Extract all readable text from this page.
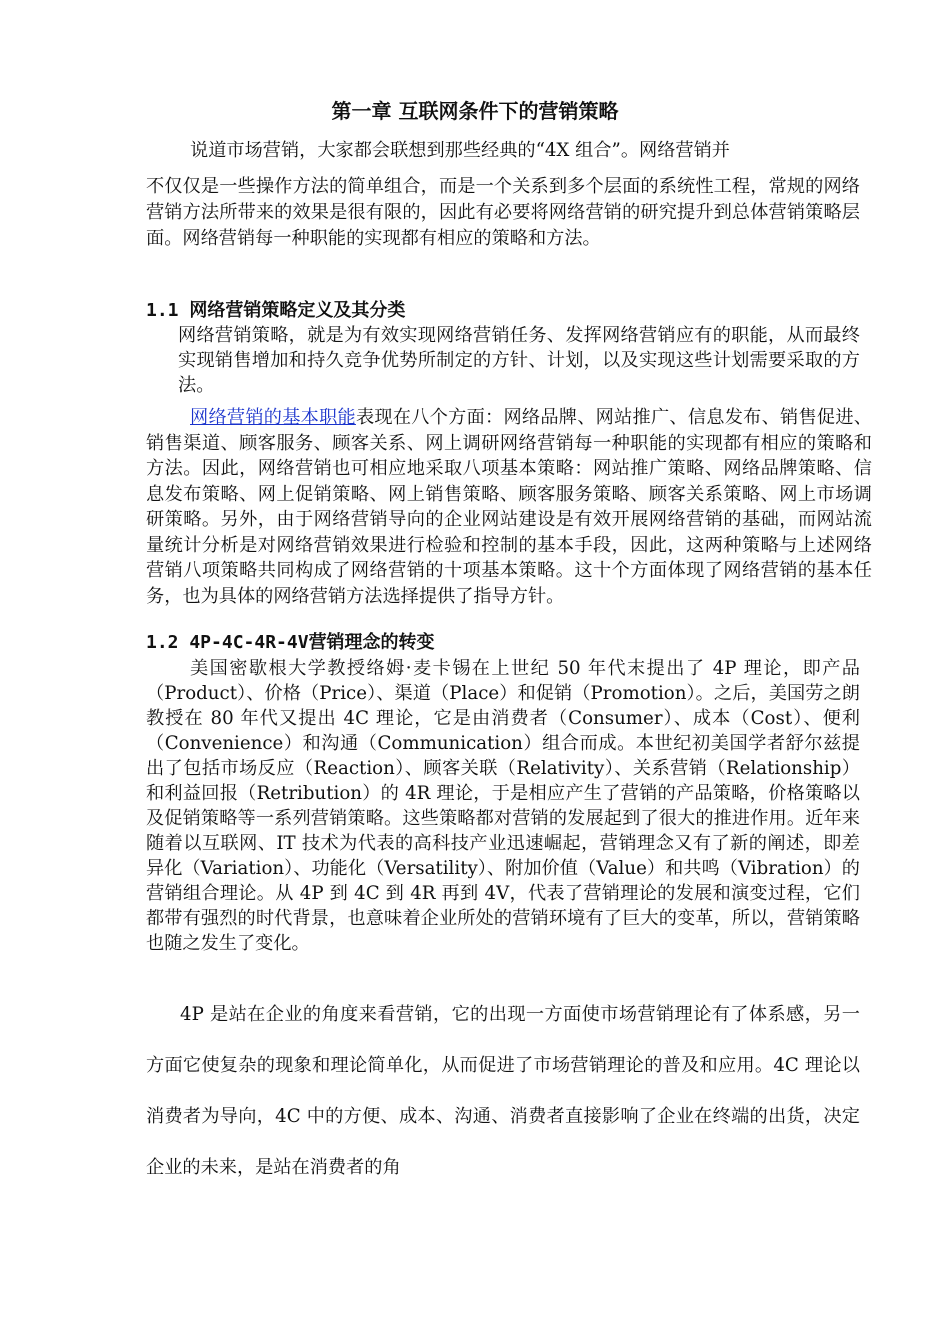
第一章 互联网条件下的营销策略
说道市场营销，大家都会联想到那些经典的“4X 组合”。网络营销并
不仅仅是一些操作方法的简单组合，而是一个关系到多个层面的系统性工程，常规的网络营销方法所带来的效果是很有限的，因此有必要将网络营销的研究提升到总体营销策略层面。网络营销每一种职能的实现都有相应的策略和方法。
1.1 网络营销策略定义及其分类
网络营销策略，就是为有效实现网络营销任务、发挥网络营销应有的职能，从而最终实现销售增加和持久竞争优势所制定的方针、计划，以及实现这些计划需要采取的方法。
网络营销的基本职能表现在八个方面：网络品牌、网站推广、信息发布、销售促进、销售渠道、顾客服务、顾客关系、网上调研网络营销每一种职能的实现都有相应的策略和方法。因此，网络营销也可相应地采取八项基本策略：网站推广策略、网络品牌策略、信息发布策略、网上促销策略、网上销售策略、顾客服务策略、顾客关系策略、网上市场调研策略。另外，由于网络营销导向的企业网站建设是有效开展网络营销的基础，而网站流量统计分析是对网络营销效果进行检验和控制的基本手段，因此，这两种策略与上述网络营销八项策略共同构成了网络营销的十项基本策略。这十个方面体现了网络营销的基本任务，也为具体的网络营销方法选择提供了指导方针。
1.2 4P-4C-4R-4V营销理念的转变
美国密歇根大学教授络姆·麦卡锡在上世纪 50 年代末提出了 4P 理论，即产品（Product）、价格（Price）、渠道（Place）和促销（Promotion）。之后，美国劳之朗教授在 80 年代又提出 4C 理论，它是由消费者（Consumer）、成本（Cost）、便利（Convenience）和沟通（Communication）组合而成。本世纪初美国学者舒尔兹提出了包括市场反应（Reaction）、顾客关联（Relativity）、关系营销（Relationship）和利益回报（Retribution）的 4R 理论，于是相应产生了营销的产品策略，价格策略以及促销策略等一系列营销策略。这些策略都对营销的发展起到了很大的推进作用。近年来随着以互联网、IT 技术为代表的高科技产业迅速崛起，营销理念又有了新的阐述，即差异化（Variation）、功能化（Versatility）、附加价值（Value）和共鸣（Vibration）的营销组合理论。从 4P 到 4C 到 4R 再到 4V，代表了营销理论的发展和演变过程，它们都带有强烈的时代背景，也意味着企业所处的营销环境有了巨大的变革，所以，营销策略也随之发生了变化。
4P 是站在企业的角度来看营销，它的出现一方面使市场营销理论有了体系感，另一方面它使复杂的现象和理论简单化，从而促进了市场营销理论的普及和应用。4C 理论以消费者为导向，4C 中的方便、成本、沟通、消费者直接影响了企业在终端的出货，决定企业的未来，是站在消费者的角
